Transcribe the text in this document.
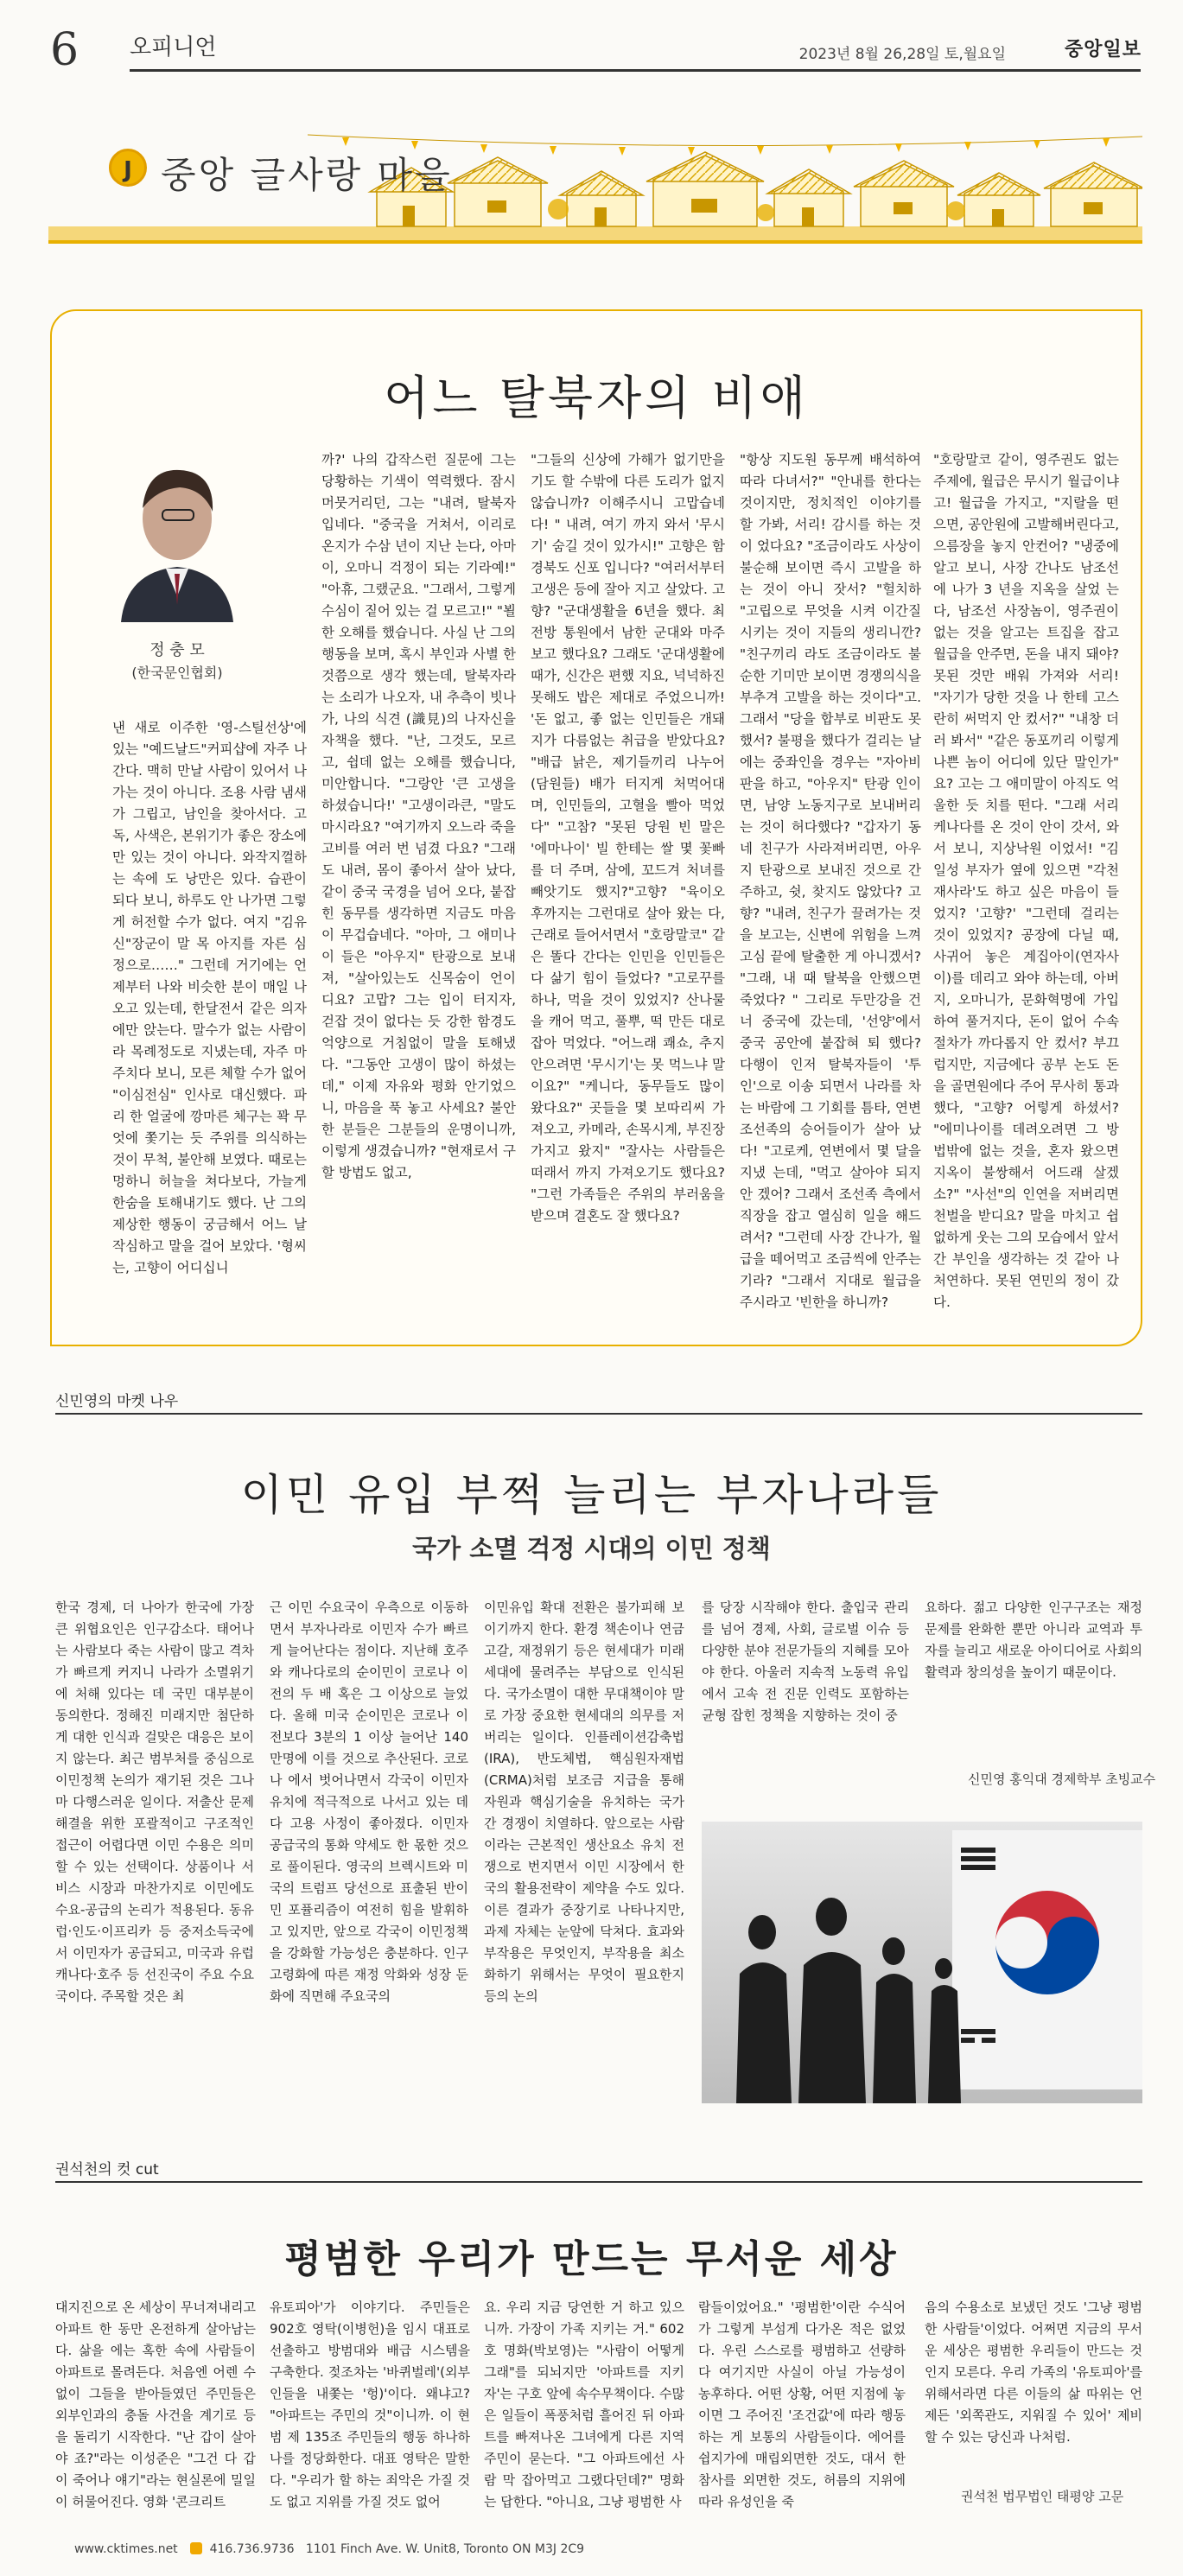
6 오피니언	2023년 8월 26,28일 토,월요일	중앙일보
J 중앙 글사랑 마을
어느 탈북자의 비애
정 충 모
(한국문인협회)
낸 새로 이주한 '영-스틸선상'에 있는 "예드날드"커피샵에 자주 나간다. 맥히 만날 사람이 있어서 나가는 것이 아니다. 조용 사람 냄새가 그립고, 남인을 찾아서다. 고독, 사색은, 본위기가 좋은 장소에 만 있는 것이 아니다. 와작지껄하는 속에 도 낭만은 있다. 습관이 되다 보니, 하루도 안 나가면 그렇게 허전할 수가 없다. 여지 "김유신"장군이 말 목 아지를 자른 심정으로……" 그런데 거기에는 언제부터 나와 비슷한 분이 매일 나오고 있는데, 한달전서 같은 의자에만 앉는다. 말수가 없는 사람이라 목례정도로 지냈는데, 자주 마주치다 보니, 모른 체할 수가 없어 "이심전심" 인사로 대신했다. 파리 한 얼굴에 깡마른 체구는 꽉 무엇에 쫓기는 듯 주위를 의식하는 것이 무척, 불안해 보였다. 때로는 멍하니 허늘을 쳐다보다, 가늘게 한숨을 토해내기도 했다. 난 그의 제상한 행동이 궁금해서 어느 날 작심하고 말을 걸어 보았다. '형씨는, 고향이 어디십니
까?' 나의 갑작스런 질문에 그는 당황하는 기색이 역력했다. 잠시 머뭇거리던, 그는 "내려, 탈북자 입네다. "중국을 거쳐서, 이리로 온지가 수삼 년이 지난 는다, 아마이, 오마니 걱정이 되는 기라예!" "아휴, 그랬군요. "그래서, 그렇게 수심이 짙어 있는 걸 모르고!" "뵐 한 오해를 했습니다. 사실 난 그의 행동을 보며, 혹시 부인과 사별 한 것쯤으로 생각 했는데, 탈북자라는 소리가 나오자, 내 추측이 빗나가, 나의 식견 (識見)의 나자신을 자책을 했다. "난, 그것도, 모르고, 쉽데 없는 오해를 했습니다, 미안합니다. "그랑안 '큰 고생을 하셨습니다!' "고생이라큰, "말도 마시라요? "여기까지 오느라 죽을 고비를 여러 번 넘겼 다요? "그래도 내려, 몸이 좋아서 살아 났다, 같이 중국 국경을 넘어 오다, 붙잡힌 동무를 생각하면 지금도 마음이 무겁습네다. "아마, 그 애미나이 들은 "아우지" 탄광으로 보내져, "살아있는도 신목숨이 언이 디요? 고맙? 그는 입이 터지자, 걷잡 것이 없다는 듯 강한 함경도 억양으로 거침없이 말을 토해냈다. "그동안 고생이 많이 하셨는데," 이제 자유와 평화 안기었으니, 마음을 푹 놓고 사세요? 불안한 분들은 그분들의 운명이니까, 이렇게 생겼습니까? "현재로서 구할 방법도 없고,
"그들의 신상에 가해가 없기만을 기도 할 수밖에 다른 도리가 없지 않습니까? 이해주시니 고맙습네다! " 내려, 여기 까지 와서 '무시기' 숨길 것이 있가시!" 고향은 함경북도 신포 입니다? "여러서부터 고생은 등에 잘아 지고 살았다. 고향? "군대생활을 6년을 했다. 최전방 통원에서 남한 군대와 마주보고 했다요? 그래도 '군대생활에 때가, 신간은 편했 지요, 넉넉하진 못해도 밥은 제대로 주었으니까! '돈 없고, 좋 없는 인민들은 개돼지가 다름없는 취급을 받았다요? "배급 낡은, 제기들끼리 나누어 (담원들) 배가 터지게 처먹어대며, 인민들의, 고혈을 빨아 먹었다" "고참? "못된 당원 빈 말은 '에마나이' 빌 한테는 쌀 몇 꽃빠를 더 주며, 삼에, 꼬드겨 처녀를 빼앗기도 했지?"고향? "육이오 후까지는 그런대로 살아 왔는 다, 근래로 들어서면서 "호랑말코" 같은 똘다 간다는 인민을 인민들은 다 삶기 힘이 들었다? "고로꾸를 하나, 먹을 것이 있었지? 산나물을 캐어 먹고, 풀뿌, 떡 만든 대로 잡아 먹었다. "어느래 쾌쇼, 추지 안으려면 '무시기'는 못 먹느냐 말이요?" "케니다, 동무들도 많이 왔다요?" 곳들을 몇 보따리씨 가져오고, 카메라, 손목시계, 부진장 가지고 왔지" "잘사는 사람들은 떠래서 까지 가져오기도 했다요? "그런 가족들은 주위의 부러움을 받으며 결혼도 잘 했다요?
"항상 지도원 동무께 배석하여 따라 다녀서?" "안내를 한다는 것이지만, 정치적인 이야기를 할 가봐, 서리! 감시를 하는 것이 었다요? "조금이라도 사상이 불순해 보이면 즉시 고발을 하는 것이 아니 잣서? "헐치하 "고립으로 무엇을 시켜 이간질시키는 것이 지들의 생리니깐? "친구끼리 라도 조금이라도 불순한 기미만 보이면 경쟁의식을 부추겨 고발을 하는 것이다"고. 그래서 "당을 합부로 비판도 못했서? 불평을 했다가 걸리는 날에는 중좌인을 경우는 "자아비판을 하고, "아우지" 탄광 인이면, 남양 노동지구로 보내버리는 것이 허다했다? "갑자기 동네 친구가 사라져버리면, 아우지 탄광으로 보내진 것으로 간주하고, 쉿, 찾지도 않았다? 고향? "내려, 친구가 끌려가는 것을 보고는, 신변에 위험을 느껴 고심 끝에 탈출한 게 아니겠서? "그래, 내 때 탈북을 안했으면 죽었다? " 그리로 두만강을 건너 중국에 갔는데, '선양'에서 중국 공안에 붙잡혀 퇴 했다? 다행이 인저 탈북자들이 '투인'으로 이송 되면서 나라를 차는 바람에 그 기회를 틈타, 연변 조선족의 승어들이가 살아 났다! "고로케, 연변에서 몇 달을 지냈 는데, "먹고 살아야 되지 안 겠어? 그래서 조선족 측에서 직장을 잡고 열심히 일을 해드려서? "그런데 사장 간나가, 월급을 떼어먹고 조금씩에 안주는 기라? "그래서 지대로 월급을 주시라고 '빈한을 하니까?
"호랑말코 같이, 영주권도 없는 주제에, 월급은 무시기 월급이냐고! 월급을 가지고, "지랄을 떤으면, 공안원에 고발해버린다고, 으름장을 놓지 안컨어? "냉중에 알고 보니, 사장 간나도 남조선에 나가 3 년을 지옥을 살었 는다, 남조선 사장놈이, 영주권이 없는 것을 알고는 트집을 잡고 월급을 안주면, 돈을 내지 돼야? 못된 것만 배워 가져와 서리! "자기가 당한 것을 나 한테 고스란히 써먹지 안 컸서?" "내창 더러 봐서" "같은 동포끼리 이렇게 나쁜 놈이 어디에 있단 말인가" 요? 고는 그 애미말이 아직도 억울한 듯 치를 떤다. "그래 서리 케나다를 온 것이 안이 갓서, 와서 보니, 지상낙원 이었서! "김일성 부자가 옆에 있으면 "각천재사라'도 하고 싶은 마음이 들었지? '고향?' "그런데 걸리는 것이 있었지? 공장에 다닐 때, 사귀어 놓은 계집아이(연자사이)를 데리고 와야 하는데, 아버지, 오마니가, 문화혁명에 가입하여 풀거지다, 돈이 없어 수속절차가 까다롭지 안 컸서? 부끄럽지만, 지금에다 공부 논도 돈을 골면원에다 주어 무사히 통과 했다, "고향? 어렇게 하셨서? "에미나이를 데려오려면 그 방법밖에 없는 것을, 혼자 왔으면 지옥이 불쌍해서 어드래 살겠소?" "사선"의 인연을 저버리면 천벌을 받디요? 말을 마치고 쉽없하게 웃는 그의 모습에서 앞서간 부인을 생각하는 것 같아 나 처연하다. 못된 연민의 정이 갔다.
신민영의 마켓 나우
이민 유입 부쩍 늘리는 부자나라들
국가 소멸 걱정 시대의 이민 정책
한국 경제, 더 나아가 한국에 가장 큰 위협요인은 인구감소다. 태어나는 사람보다 죽는 사람이 많고 격차가 빠르게 커지니 나라가 소멸위기에 처해 있다는 데 국민 대부분이 동의한다. 정해진 미래지만 첨단하게 대한 인식과 걸맞은 대응은 보이지 않는다. 최근 범부처를 중심으로 이민정책 논의가 재기된 것은 그나마 다행스러운 일이다. 저출산 문제 해결을 위한 포괄적이고 구조적인 접근이 어렵다면 이민 수용은 의미할 수 있는 선택이다. 상품이나 서비스 시장과 마찬가지로 이민에도 수요-공급의 논리가 적용된다. 동유럽·인도·이프리카 등 중저소득국에서 이민자가 공급되고, 미국과 유럽 캐나다·호주 등 선진국이 주요 수요국이다. 주목할 것은 최
근 이민 수요국이 우측으로 이동하면서 부자나라로 이민자 수가 빠르게 늘어난다는 점이다. 지난해 호주와 캐나다로의 순이민이 코로나 이전의 두 배 혹은 그 이상으로 늘었다. 올해 미국 순이민은 코로나 이전보다 3분의 1 이상 늘어난 140만명에 이를 것으로 추산된다. 코로나 에서 벗어나면서 각국이 이민자 유치에 적극적으로 나서고 있는 데다 고용 사정이 좋아졌다. 이민자 공급국의 통화 약세도 한 몫한 것으로 풀이된다. 영국의 브렉시트와 미국의 트럼프 당선으로 표출된 반이민 포퓰리즘이 여전히 힘을 발휘하고 있지만, 앞으로 각국이 이민정책을 강화할 가능성은 충분하다. 인구고령화에 따른 재정 악화와 성장 둔화에 직면해 주요국의
이민유입 확대 전환은 불가피해 보이기까지 한다. 환경 책손이나 연금고갈, 재정위기 등은 현세대가 미래세대에 물려주는 부담으로 인식된다. 국가소멸이 대한 무대책이야 말로 가장 중요한 현세대의 의무를 저버리는 일이다. 인플레이션감축법(IRA), 반도체법, 핵심원자재법(CRMA)처럼 보조금 지급을 통해 자원과 핵심기술을 유치하는 국가 간 경쟁이 치열하다. 앞으로는 사람이라는 근본적인 생산요소 유치 전쟁으로 번지면서 이민 시장에서 한국의 활용전략이 제약을 수도 있다. 이른 결과가 중장기로 나타나지만, 과제 자체는 눈앞에 닥쳐다. 효과와 부작용은 무엇인지, 부작용을 최소화하기 위해서는 무엇이 필요한지 등의 논의
를 당장 시작해야 한다. 출입국 관리를 넘어 경제, 사회, 글로벌 이슈 등 다양한 분야 전문가들의 지혜를 모아야 한다. 아울러 지속적 노동력 유입에서 고속 전 진문 인력도 포함하는 균형 잡힌 정책을 지향하는 것이 중
요하다. 젊고 다양한 인구구조는 재정 문제를 완화한 뿐만 아니라 교역과 투자를 늘리고 새로운 아이디어로 사회의 활력과 창의성을 높이기 때문이다.
신민영 홍익대 경제학부 초빙교수
권석천의 컷 cut
평범한 우리가 만드는 무서운 세상
대지진으로 온 세상이 무너져내리고 아파트 한 동만 온전하게 살아남는다. 삶을 에는 혹한 속에 사람들이 아파트로 몰려든다. 처음엔 어렌 수 없이 그들을 받아들였던 주민들은 외부인과의 충돌 사건을 계기로 등을 돌리기 시작한다. "난 갑이 살아야 죠?"라는 이성준은 "그건 다 갑이 죽어나 얘기"라는 현실론에 밀일이 허물어진다. 영화 '콘크리트
유토피아'가 이야기다. 주민들은 902호 영탁(이병헌)을 임시 대표로 선출하고 방범대와 배급 시스템을 구축한다. 젖조차는 '바퀴벌레'(외부인들을 내쫓는 '헝)'이다. 왜냐고? "아파트는 주민의 것"이니까. 이 현범 제 135조 주민들의 행동 하나하나를 정당화한다. 대표 영탁은 말한다. "우리가 할 하는 죄악은 가질 것도 없고 지위를 가질 것도 없어
요. 우리 지금 당연한 거 하고 있으니까. 가장이 가족 지키는 거." 602호 명화(박보영)는 "사람이 어떻게 그래"를 되뇌지만 '아파트를 지키자'는 구호 앞에 속수무책이다. 수많은 일들이 폭풍처럼 흘어진 뒤 아파트를 빠져나온 그녀에게 다른 지역 주민이 묻는다. "그 아파트에선 사람 막 잡아먹고 그랬다던데?" 명화는 답한다. "아니요, 그냥 평범한 사
람들이었어요." '평범한'이란 수식어가 그렇게 부섬게 다가온 적은 없었다. 우린 스스로를 평범하고 선량하다 여기지만 사실이 아닐 가능성이 농후하다. 어떤 상황, 어떤 지점에 놓이면 그 주어진 '조건값'에 따라 행동하는 게 보통의 사람들이다. 에어를 쉽지가에 매립외면한 것도, 대서 한참사를 외면한 것도, 허름의 지위에 따라 유성인을 죽
음의 수용소로 보냈던 것도 '그냥 평범한 사람들'이었다. 어쩌면 지금의 무서운 세상은 평범한 우리들이 만드는 것인지 모른다. 우리 가족의 '유토피아'를 위해서라면 다른 이들의 삶 따위는 언제든 '외쪽관도, 지워질 수 있어' 제비 할 수 있는 당신과 나처럼.
권석천 법무법인 태평양 고문
www.cktimes.net	416.736.9736 1101 Finch Ave. W. Unit8, Toronto ON M3J 2C9
